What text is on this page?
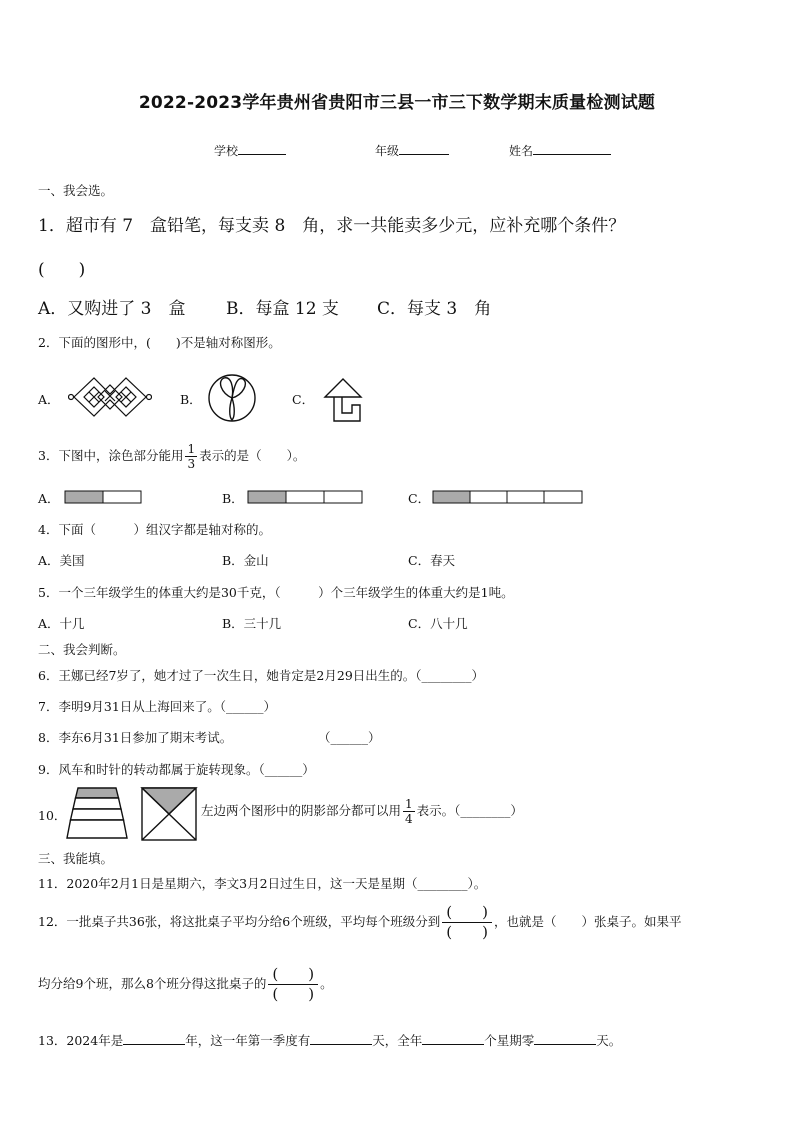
2022-2023学年贵州省贵阳市三县一市三下数学期末质量检测试题
学校	年级	姓名
一、我会选。
1．超市有 7　盒铅笔，每支卖 8　角，求一共能卖多少元，应补充哪个条件？
(　　)
A．又购进了 3　盒 B．每盒 12 支 C．每支 3　角
2．下面的图形中，(　　)不是轴对称图形。
A．	B．	C．
3．下图中，涂色部分能用 $\frac{1}{3}$ 表示的是（　　）。
A．	B．	C．
4．下面（　　　）组汉字都是轴对称的。
A．美国	B．金山	C．春天
5．一个三年级学生的体重大约是30千克，（　　　）个三年级学生的体重大约是1吨。
A．十几	B．三十几	C．八十几
二、我会判断。
6．王娜已经7岁了，她才过了一次生日，她肯定是2月29日出生的。（________）
7．李明9月31日从上海回来了。（______）
8．李东6月31日参加了期末考试。	（______）
9．风车和时针的转动都属于旋转现象。（______）
10．	左边两个图形中的阴影部分都可以用 $\frac{1}{4}$ 表示。（________）
三、我能填。
11．2020年2月1日是星期六，李文3月2日过生日，这一天是星期（________）。
12．一批桌子共36张，将这批桌子平均分给6个班级，平均每个班级分到 $\frac{( )}{( )}$ ，也就是（　　）张桌子。如果平
均分给9个班，那么8个班分得这批桌子的 $\frac{( )}{( )}$ 。
13．2024年是	年，这一年第一季度有	天，全年	个星期零	天。
